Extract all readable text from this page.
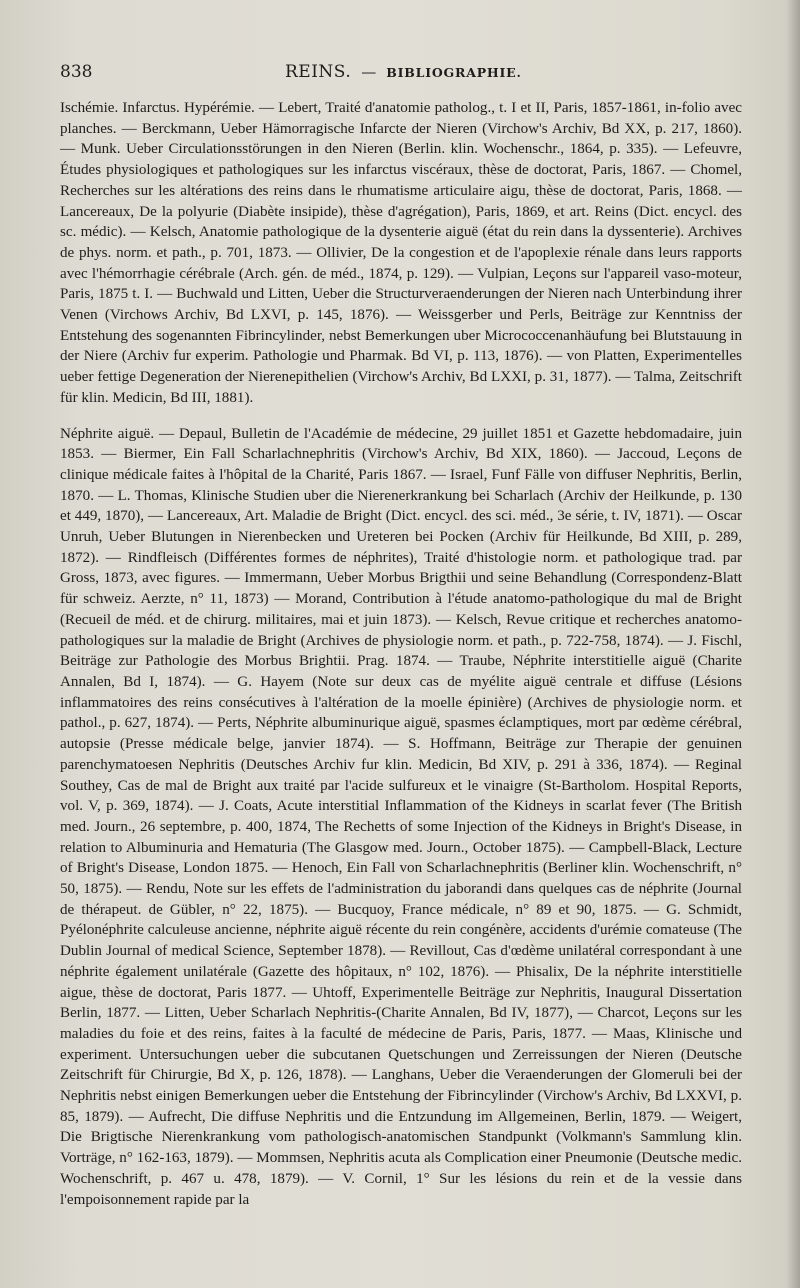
838	REINS. — BIBLIOGRAPHIE.

Ischémie. Infarctus. Hypérémie. — Lebert, Traité d'anatomie patholog., t. I et II, Paris, 1857-1861, in-folio avec planches. — Berckmann, Ueber Hämorragische Infarcte der Nieren (Virchow's Archiv, Bd XX, p. 217, 1860). — Munk. Ueber Circulationsstörungen in den Nieren (Berlin. klin. Wochenschr., 1864, p. 335). — Lefeuvre, Études physiologiques et pathologiques sur les infarctus viscéraux, thèse de doctorat, Paris, 1867. — Chomel, Recherches sur les altérations des reins dans le rhumatisme articulaire aigu, thèse de doctorat, Paris, 1868. — Lancereaux, De la polyurie (Diabète insipide), thèse d'agrégation), Paris, 1869, et art. Reins (Dict. encycl. des sc. médic). — Kelsch, Anatomie pathologique de la dysenterie aiguë (état du rein dans la dyssenterie). Archives de phys. norm. et path., p. 701, 1873. — Ollivier, De la congestion et de l'apoplexie rénale dans leurs rapports avec l'hémorrhagie cérébrale (Arch. gén. de méd., 1874, p. 129). — Vulpian, Leçons sur l'appareil vaso-moteur, Paris, 1875 t. I. — Buchwald und Litten, Ueber die Structurveraenderungen der Nieren nach Unterbindung ihrer Venen (Virchows Archiv, Bd LXVI, p. 145, 1876). — Weissgerber und Perls, Beiträge zur Kenntniss der Entstehung des sogenannten Fibrincylinder, nebst Bemerkungen uber Micrococcenanhäufung bei Blutstauung in der Niere (Archiv fur experim. Pathologie und Pharmak. Bd VI, p. 113, 1876). — von Platten, Experimentelles ueber fettige Degeneration der Nierenepithelien (Virchow's Archiv, Bd LXXI, p. 31, 1877). — Talma, Zeitschrift für klin. Medicin, Bd III, 1881).

Néphrite aiguë. — Depaul, Bulletin de l'Académie de médecine, 29 juillet 1851 et Gazette hebdomadaire, juin 1853. — Biermer, Ein Fall Scharlachnephritis (Virchow's Archiv, Bd XIX, 1860). — Jaccoud, Leçons de clinique médicale faites à l'hôpital de la Charité, Paris 1867. — Israel, Funf Fälle von diffuser Nephritis, Berlin, 1870. — L. Thomas, Klinische Studien uber die Nierenerkrankung bei Scharlach (Archiv der Heilkunde, p. 130 et 449, 1870), — Lancereaux, Art. Maladie de Bright (Dict. encycl. des sci. méd., 3e série, t. IV, 1871). — Oscar Unruh, Ueber Blutungen in Nierenbecken und Ureteren bei Pocken (Archiv für Heilkunde, Bd XIII, p. 289, 1872). — Rindfleisch (Différentes formes de néphrites), Traité d'histologie norm. et pathologique trad. par Gross, 1873, avec figures. — Immermann, Ueber Morbus Brigthii und seine Behandlung (Correspondenz-Blatt für schweiz. Aerzte, n° 11, 1873) — Morand, Contribution à l'étude anatomo-pathologique du mal de Bright (Recueil de méd. et de chirurg. militaires, mai et juin 1873). — Kelsch, Revue critique et recherches anatomo-pathologiques sur la maladie de Bright (Archives de physiologie norm. et path., p. 722-758, 1874). — J. Fischl, Beiträge zur Pathologie des Morbus Brightii. Prag. 1874. — Traube, Néphrite interstitielle aiguë (Charite Annalen, Bd I, 1874). — G. Hayem (Note sur deux cas de myélite aiguë centrale et diffuse (Lésions inflammatoires des reins consécutives à l'altération de la moelle épinière) (Archives de physiologie norm. et pathol., p. 627, 1874). — Perts, Néphrite albuminurique aiguë, spasmes éclamptiques, mort par œdème cérébral, autopsie (Presse médicale belge, janvier 1874). — S. Hoffmann, Beiträge zur Therapie der genuinen parenchymatoesen Nephritis (Deutsches Archiv fur klin. Medicin, Bd XIV, p. 291 à 336, 1874). — Reginal Southey, Cas de mal de Bright aux traité par l'acide sulfureux et le vinaigre (St-Bartholom. Hospital Reports, vol. V, p. 369, 1874). — J. Coats, Acute interstitial Inflammation of the Kidneys in scarlat fever (The British med. Journ., 26 septembre, p. 400, 1874, The Rechetts of some Injection of the Kidneys in Bright's Disease, in relation to Albuminuria and Hematuria (The Glasgow med. Journ., October 1875). — Campbell-Black, Lecture of Bright's Disease, London 1875. — Henoch, Ein Fall von Scharlachnephritis (Berliner klin. Wochenschrift, n° 50, 1875). — Rendu, Note sur les effets de l'administration du jaborandi dans quelques cas de néphrite (Journal de thérapeut. de Gübler, n° 22, 1875). — Bucquoy, France médicale, n° 89 et 90, 1875. — G. Schmidt, Pyélonéphrite calculeuse ancienne, néphrite aiguë récente du rein congénère, accidents d'urémie comateuse (The Dublin Journal of medical Science, September 1878). — Revillout, Cas d'œdème unilatéral correspondant à une néphrite également unilatérale (Gazette des hôpitaux, n° 102, 1876). — Phisalix, De la néphrite interstitielle aigue, thèse de doctorat, Paris 1877. — Uhtoff, Experimentelle Beiträge zur Nephritis, Inaugural Dissertation Berlin, 1877. — Litten, Ueber Scharlach Nephritis-(Charite Annalen, Bd IV, 1877), — Charcot, Leçons sur les maladies du foie et des reins, faites à la faculté de médecine de Paris, Paris, 1877. — Maas, Klinische und experiment. Untersuchungen ueber die subcutanen Quetschungen und Zerreissungen der Nieren (Deutsche Zeitschrift für Chirurgie, Bd X, p. 126, 1878). — Langhans, Ueber die Veraenderungen der Glomeruli bei der Nephritis nebst einigen Bemerkungen ueber die Entstehung der Fibrincylinder (Virchow's Archiv, Bd LXXVI, p. 85, 1879). — Aufrecht, Die diffuse Nephritis und die Entzundung im Allgemeinen, Berlin, 1879. — Weigert, Die Brigtische Nierenkrankung vom pathologisch-anatomischen Standpunkt (Volkmann's Sammlung klin. Vorträge, n° 162-163, 1879). — Mommsen, Nephritis acuta als Complication einer Pneumonie (Deutsche medic. Wochenschrift, p. 467 u. 478, 1879). — V. Cornil, 1° Sur les lésions du rein et de la vessie dans l'empoisonnement rapide par la
